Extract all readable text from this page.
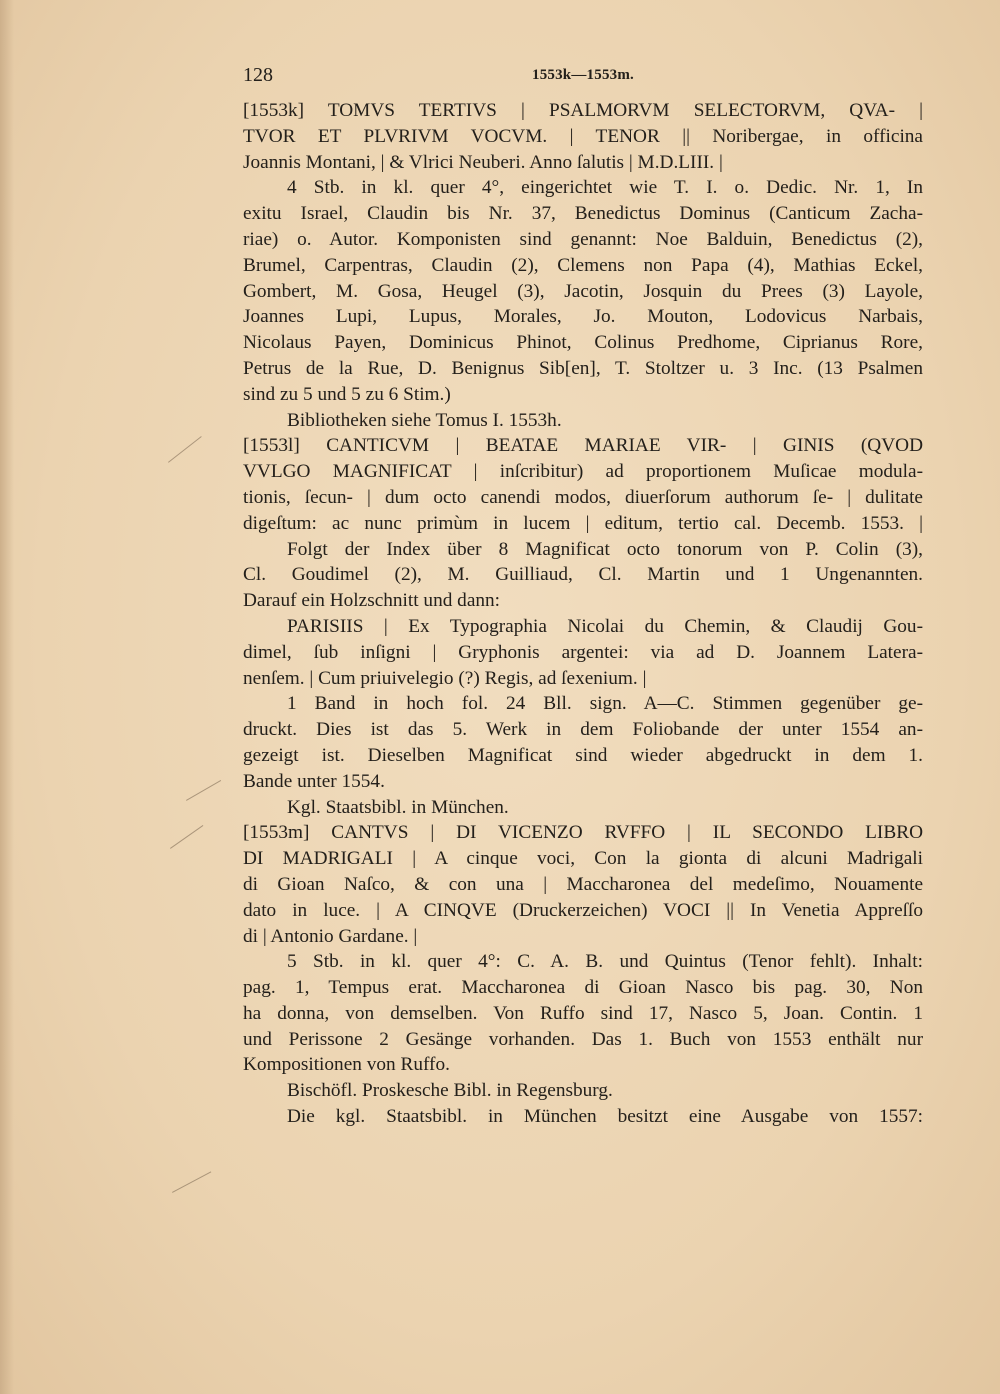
128	1553k—1553m.
[1553k] TOMVS TERTIVS | PSALMORVM SELECTORVM, QVA- |
TVOR ET PLVRIVM VOCVM. | TENOR || Noribergae, in officina
Joannis Montani, | & Vlrici Neuberi. Anno ſalutis | M.D.LIII. |
4 Stb. in kl. quer 4°, eingerichtet wie T. I. o. Dedic. Nr. 1, In
exitu Israel, Claudin bis Nr. 37, Benedictus Dominus (Canticum Zacha-
riae) o. Autor. Komponisten sind genannt: Noe Balduin, Benedictus (2),
Brumel, Carpentras, Claudin (2), Clemens non Papa (4), Mathias Eckel,
Gombert, M. Gosa, Heugel (3), Jacotin, Josquin du Prees (3) Layole,
Joannes Lupi, Lupus, Morales, Jo. Mouton, Lodovicus Narbais,
Nicolaus Payen, Dominicus Phinot, Colinus Predhome, Ciprianus Rore,
Petrus de la Rue, D. Benignus Sib[en], T. Stoltzer u. 3 Inc. (13 Psalmen
sind zu 5 und 5 zu 6 Stim.)
Bibliotheken siehe Tomus I. 1553h.
[1553l] CANTICVM | BEATAE MARIAE VIR- | GINIS (QVOD
VVLGO MAGNIFICAT | inſcribitur) ad proportionem Muſicae modula-
tionis, ſecun- | dum octo canendi modos, diuerſorum authorum ſe- | dulitate
digeſtum: ac nunc primùm in lucem | editum, tertio cal. Decemb. 1553. |
Folgt der Index über 8 Magnificat octo tonorum von P. Colin (3),
Cl. Goudimel (2), M. Guilliaud, Cl. Martin und 1 Ungenannten.
Darauf ein Holzschnitt und dann:
PARISIIS | Ex Typographia Nicolai du Chemin, & Claudij Gou-
dimel, ſub inſigni | Gryphonis argentei: via ad D. Joannem Latera-
nenſem. | Cum priuivelegio (?) Regis, ad ſexenium. |
1 Band in hoch fol. 24 Bll. sign. A—C. Stimmen gegenüber ge-
druckt. Dies ist das 5. Werk in dem Foliobande der unter 1554 an-
gezeigt ist. Dieselben Magnificat sind wieder abgedruckt in dem 1.
Bande unter 1554.
Kgl. Staatsbibl. in München.
[1553m] CANTVS | DI VICENZO RVFFO | IL SECONDO LIBRO
DI MADRIGALI | A cinque voci, Con la gionta di alcuni Madrigali
di Gioan Naſco, & con una | Maccharonea del medeſimo, Nouamente
dato in luce. | A CINQVE (Druckerzeichen) VOCI || In Venetia Appreſſo
di | Antonio Gardane. |
5 Stb. in kl. quer 4°: C. A. B. und Quintus (Tenor fehlt). Inhalt:
pag. 1, Tempus erat. Maccharonea di Gioan Nasco bis pag. 30, Non
ha donna, von demselben. Von Ruffo sind 17, Nasco 5, Joan. Contin. 1
und Perissone 2 Gesänge vorhanden. Das 1. Buch von 1553 enthält nur
Kompositionen von Ruffo.
Bischöfl. Proskesche Bibl. in Regensburg.
Die kgl. Staatsbibl. in München besitzt eine Ausgabe von 1557:
